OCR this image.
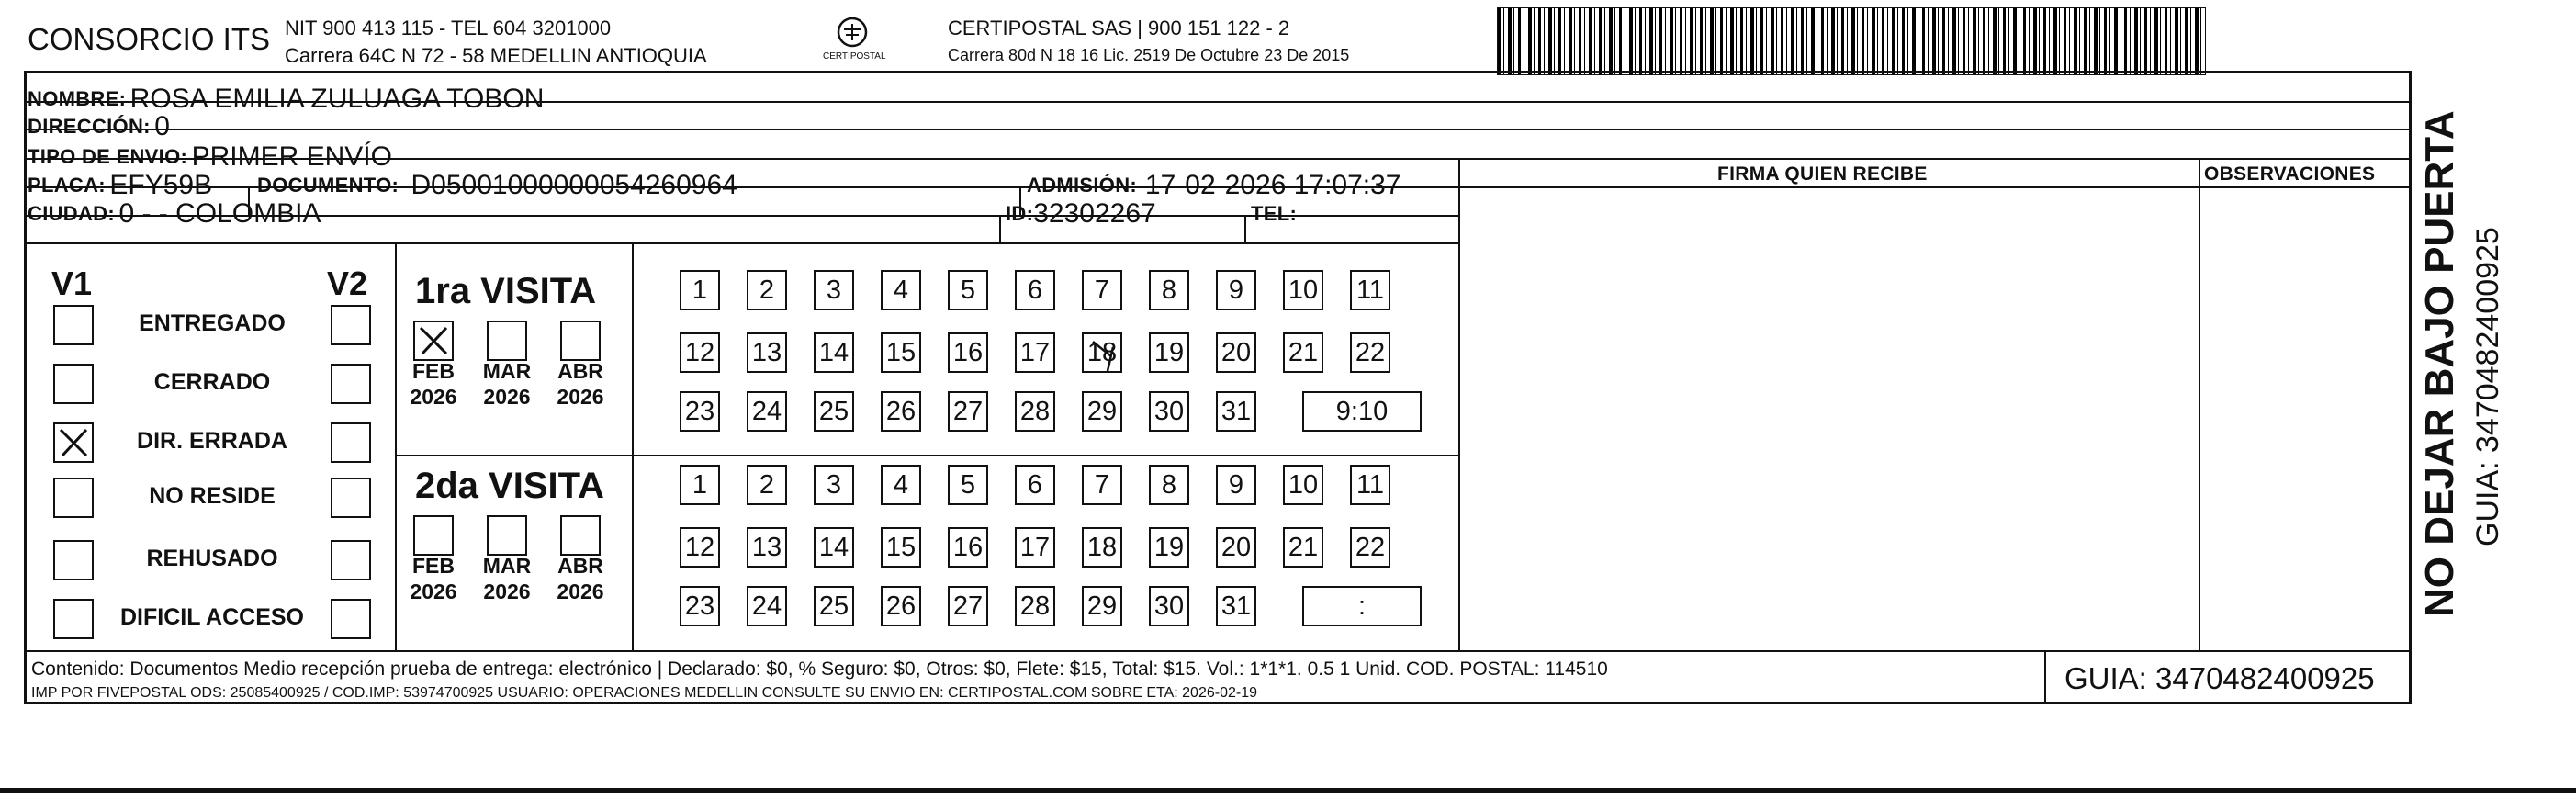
CONSORCIO ITS NIT 900 413 115 - TEL 604 3201000
Carrera 64C N 72 - 58 MEDELLIN ANTIOQUIA	CERTIPOSTAL
CERTIPOSTAL SAS | 900 151 122 - 2
Carrera 80d N 18 16 Lic. 2519 De Octubre 23 De 2015
NOMBRE:
ROSA EMILIA ZULUAGA TOBON
DIRECCIÓN:
0
TIPO DE ENVIO:
PRIMER ENVÍO
FIRMA QUIEN RECIBE	OBSERVACIONES
PLACA:
EFY59B DOCUMENTO:
D05001000000054260964	ADMISIÓN:
17-02-2026 17:07:37
CIUDAD:
0 - - COLOMBIA	ID: 32302267	TEL:
V1	V2
ENTREGADO
CERRADO
DIR. ERRADA
NO RESIDE
REHUSADO
DIFICIL ACCESO
1ra VISITA
FEB
2026
MAR
2026
ABR
2026
1	2	3	4	5	6	7	8	9	10 11
12 13 14 15 16 17 18 19 20 21 22
23 24 25 26 27 28 29 30 31	9:10
2da VISITA
FEB
2026
MAR
2026
ABR
2026
1	2	3	4	5	6	7	8	9	10 11
12 13 14 15 16 17 18 19 20 21 22
23 24 25 26 27 28 29 30 31	:
Contenido: Documentos Medio recepción prueba de entrega: electrónico | Declarado: $0, % Seguro: $0, Otros: $0, Flete: $15, Total: $15. Vol.: 1*1*1. 0.5 1 Unid. COD. POSTAL: 114510
IMP POR FIVEPOSTAL ODS: 25085400925 / COD.IMP: 53974700925 USUARIO: OPERACIONES MEDELLIN CONSULTE SU ENVIO EN: CERTIPOSTAL.COM SOBRE ETA: 2026-02-19	GUIA: 3470482400925
NO DEJAR BAJO PUERTA GUIA: 3470482400925
